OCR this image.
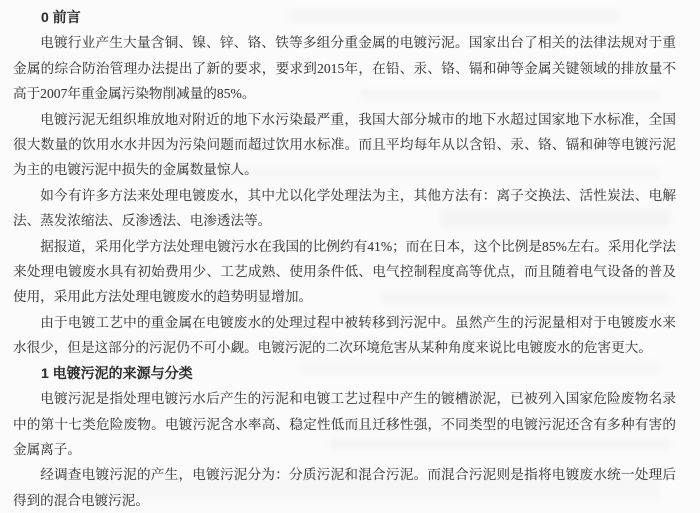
0 前言

电镀行业产生大量含铜、镍、锌、铬、铁等多组分重金属的电镀污泥。国家出台了相关的法律法规对于重金属的综合防治管理办法提出了新的要求，要求到2015年，在铅、汞、铬、镉和砷等金属关键领域的排放量不高于2007年重金属污染物削减量的85%。

电镀污泥无组织堆放地对附近的地下水污染最严重，我国大部分城市的地下水超过国家地下水标准，全国很大数量的饮用水水井因为污染问题而超过饮用水标准。而且平均每年从以含铅、汞、铬、镉和砷等电镀污泥为主的电镀污泥中损失的金属数量惊人。

如今有许多方法来处理电镀废水，其中尤以化学处理法为主，其他方法有：离子交换法、活性炭法、电解法、蒸发浓缩法、反渗透法、电渗透法等。

据报道，采用化学方法处理电镀污水在我国的比例约有41%；而在日本，这个比例是85%左右。采用化学法来处理电镀废水具有初始费用少、工艺成熟、使用条件低、电气控制程度高等优点，而且随着电气设备的普及使用，采用此方法处理电镀废水的趋势明显增加。

由于电镀工艺中的重金属在电镀废水的处理过程中被转移到污泥中。虽然产生的污泥量相对于电镀废水来水很少，但是这部分的污泥仍不可小觑。电镀污泥的二次环境危害从某种角度来说比电镀废水的危害更大。

1 电镀污泥的来源与分类

电镀污泥是指处理电镀污水后产生的污泥和电镀工艺过程中产生的镀槽淤泥，已被列入国家危险废物名录中的第十七类危险废物。电镀污泥含水率高、稳定性低而且迁移性强，不同类型的电镀污泥还含有多种有害的金属离子。

经调查电镀污泥的产生，电镀污泥分为：分质污泥和混合污泥。而混合污泥则是指将电镀废水统一处理后得到的混合电镀污泥。
